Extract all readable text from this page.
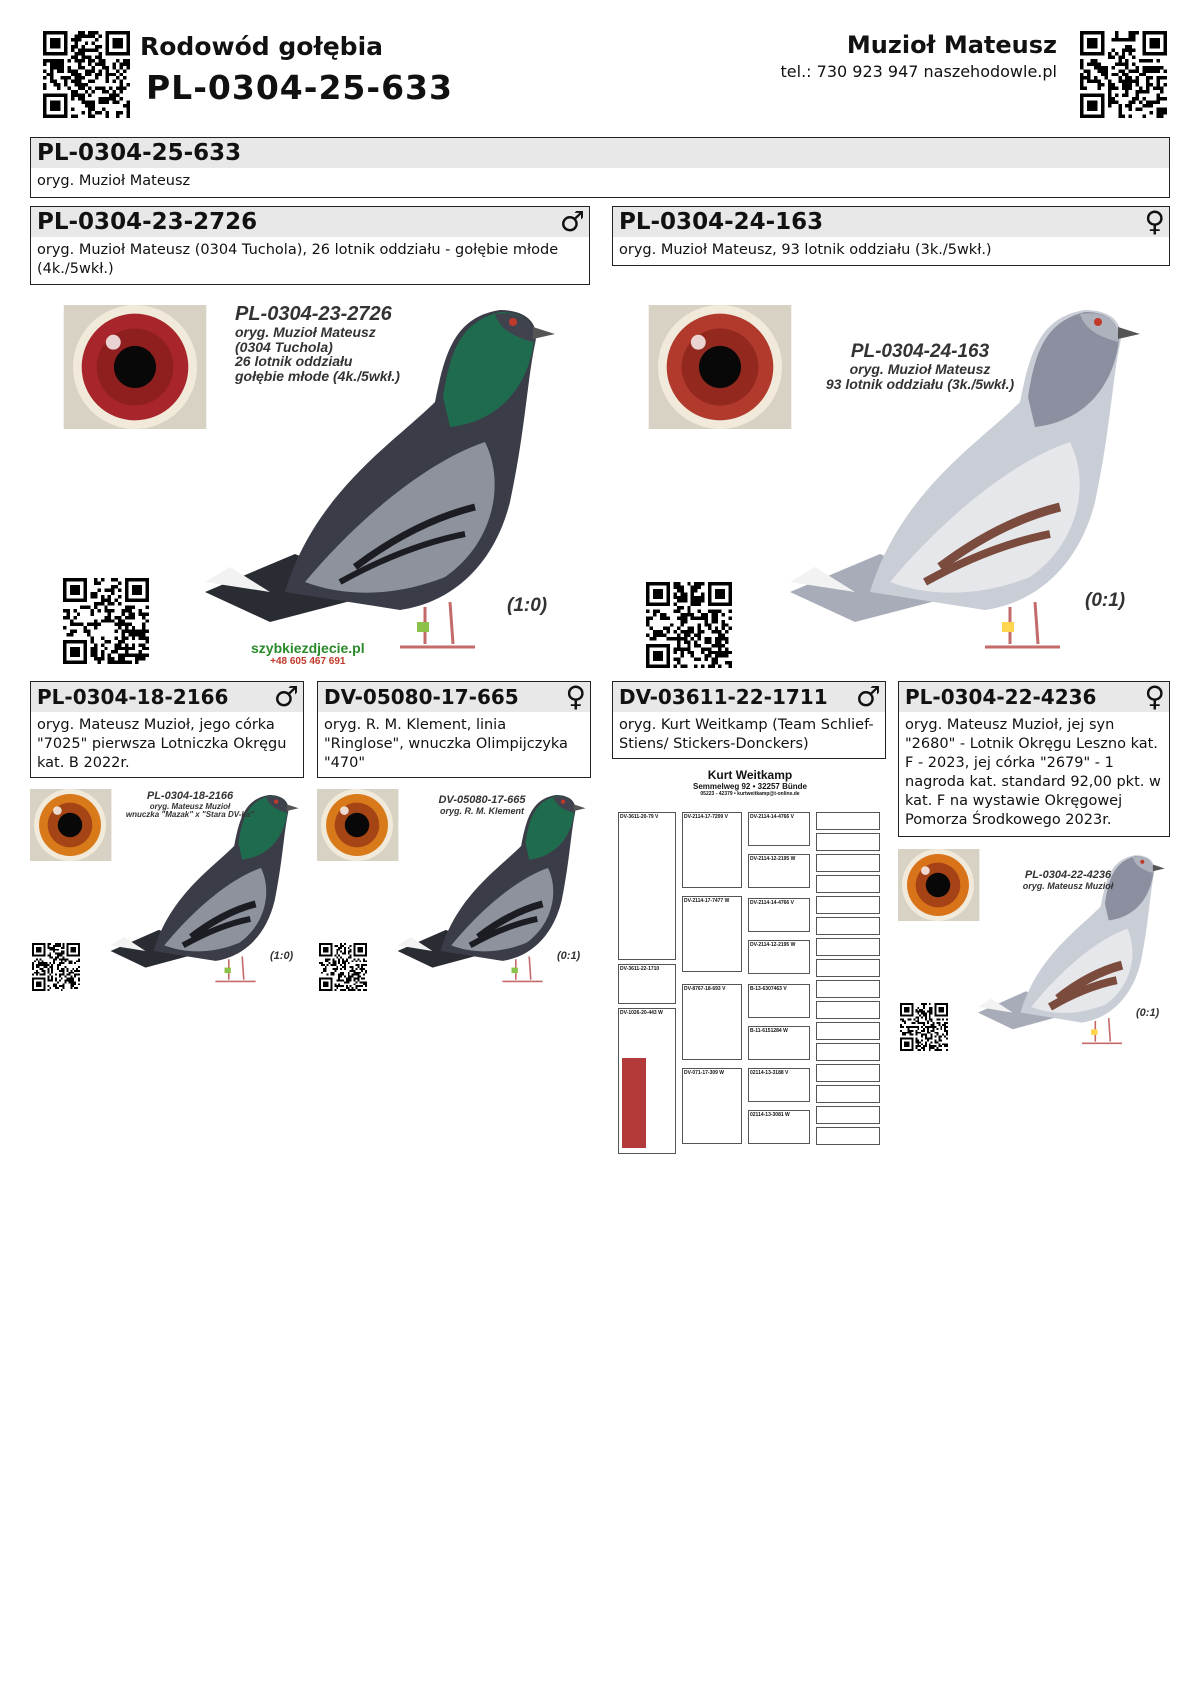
Rodowód gołębia
PL-0304-25-633
Muzioł Mateusz
tel.: 730 923 947 naszehodowle.pl
PL-0304-25-633
oryg. Muzioł Mateusz
PL-0304-23-2726	♂
oryg. Muzioł Mateusz (0304 Tuchola), 26 lotnik oddziału - gołębie młode (4k./5wkł.)
PL-0304-24-163	♀
oryg. Muzioł Mateusz, 93 lotnik oddziału (3k./5wkł.)
PL-0304-23-2726
oryg. Muzioł Mateusz
(0304 Tuchola)
26 lotnik oddziału
gołębie młode (4k./5wkł.)
(1:0)
szybkiezdjecie.pl
+48 605 467 691
PL-0304-24-163
oryg. Muzioł Mateusz
93 lotnik oddziału (3k./5wkł.)
(0:1)
PL-0304-18-2166 ♂
oryg. Mateusz Muzioł, jego córka "7025" pierwsza Lotniczka Okręgu kat. B 2022r.
DV-05080-17-665 ♀
oryg. R. M. Klement, linia "Ringlose", wnuczka Olimpijczyka "470"
DV-03611-22-1711 ♂
oryg. Kurt Weitkamp (Team Schlief-Stiens/ Stickers-Donckers)
PL-0304-22-4236 ♀
oryg. Mateusz Muzioł, jej syn "2680" - Lotnik Okręgu Leszno kat. F - 2023, jej córka "2679" - 1 nagroda kat. standard 92,00 pkt. w kat. F na wystawie Okręgowej Pomorza Środkowego 2023r.
PL-0304-18-2166
oryg. Mateusz Muzioł
wnuczka "Mazak" x "Stara DV-ka"
(1:0)
DV-05080-17-665
oryg. R. M. Klement
(0:1)
Kurt Weitkamp
Semmelweg 92 • 32257 Bünde
05223 - 42379 • kurtweitkamp@t-online.de
DV-3611-20-79 V
DV-3611-22-1710
DV-1026-20-443 W
DV-2114-17-7209 V
DV-2114-17-7477 W
DV-8767-18-693 V
DV-071-17-309 W
DV-2114-14-4766 V
DV-2114-12-2195 W
DV-2114-14-4766 V
DV-2114-12-2195 W
B-13-6307463 V
B-11-6151284 W
02114-13-3188 V
02114-13-3081 W
PL-0304-22-4236
oryg. Mateusz Muzioł
(0:1)
